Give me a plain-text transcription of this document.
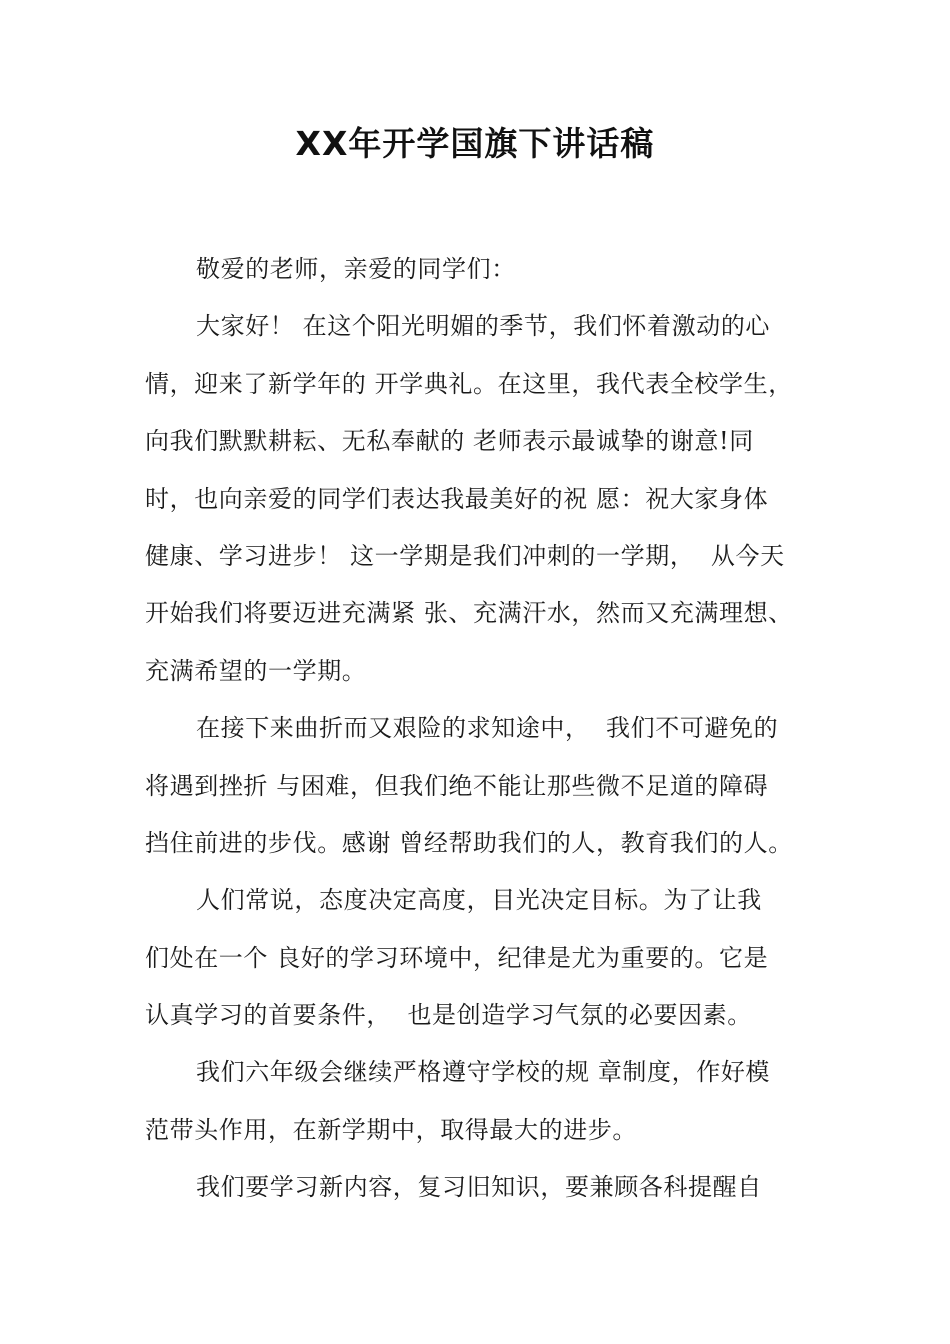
XX年开学国旗下讲话稿
敬爱的老师，亲爱的同学们：
大家好！ 在这个阳光明媚的季节，我们怀着激动的心
情，迎来了新学年的 开学典礼。在这里，我代表全校学生，
向我们默默耕耘、无私奉献的 老师表示最诚挚的谢意!同
时，也向亲爱的同学们表达我最美好的祝 愿：祝大家身体
健康、学习进步！ 这一学期是我们冲刺的一学期，  从今天
开始我们将要迈进充满紧 张、充满汗水，然而又充满理想、
充满希望的一学期。
在接下来曲折而又艰险的求知途中，  我们不可避免的
将遇到挫折 与困难，但我们绝不能让那些微不足道的障碍
挡住前进的步伐。感谢 曾经帮助我们的人，教育我们的人。
人们常说，态度决定高度，目光决定目标。为了让我
们处在一个 良好的学习环境中，纪律是尤为重要的。它是
认真学习的首要条件，  也是创造学习气氛的必要因素。
我们六年级会继续严格遵守学校的规 章制度，作好模
范带头作用，在新学期中，取得最大的进步。
我们要学习新内容，复习旧知识，要兼顾各科提醒自
